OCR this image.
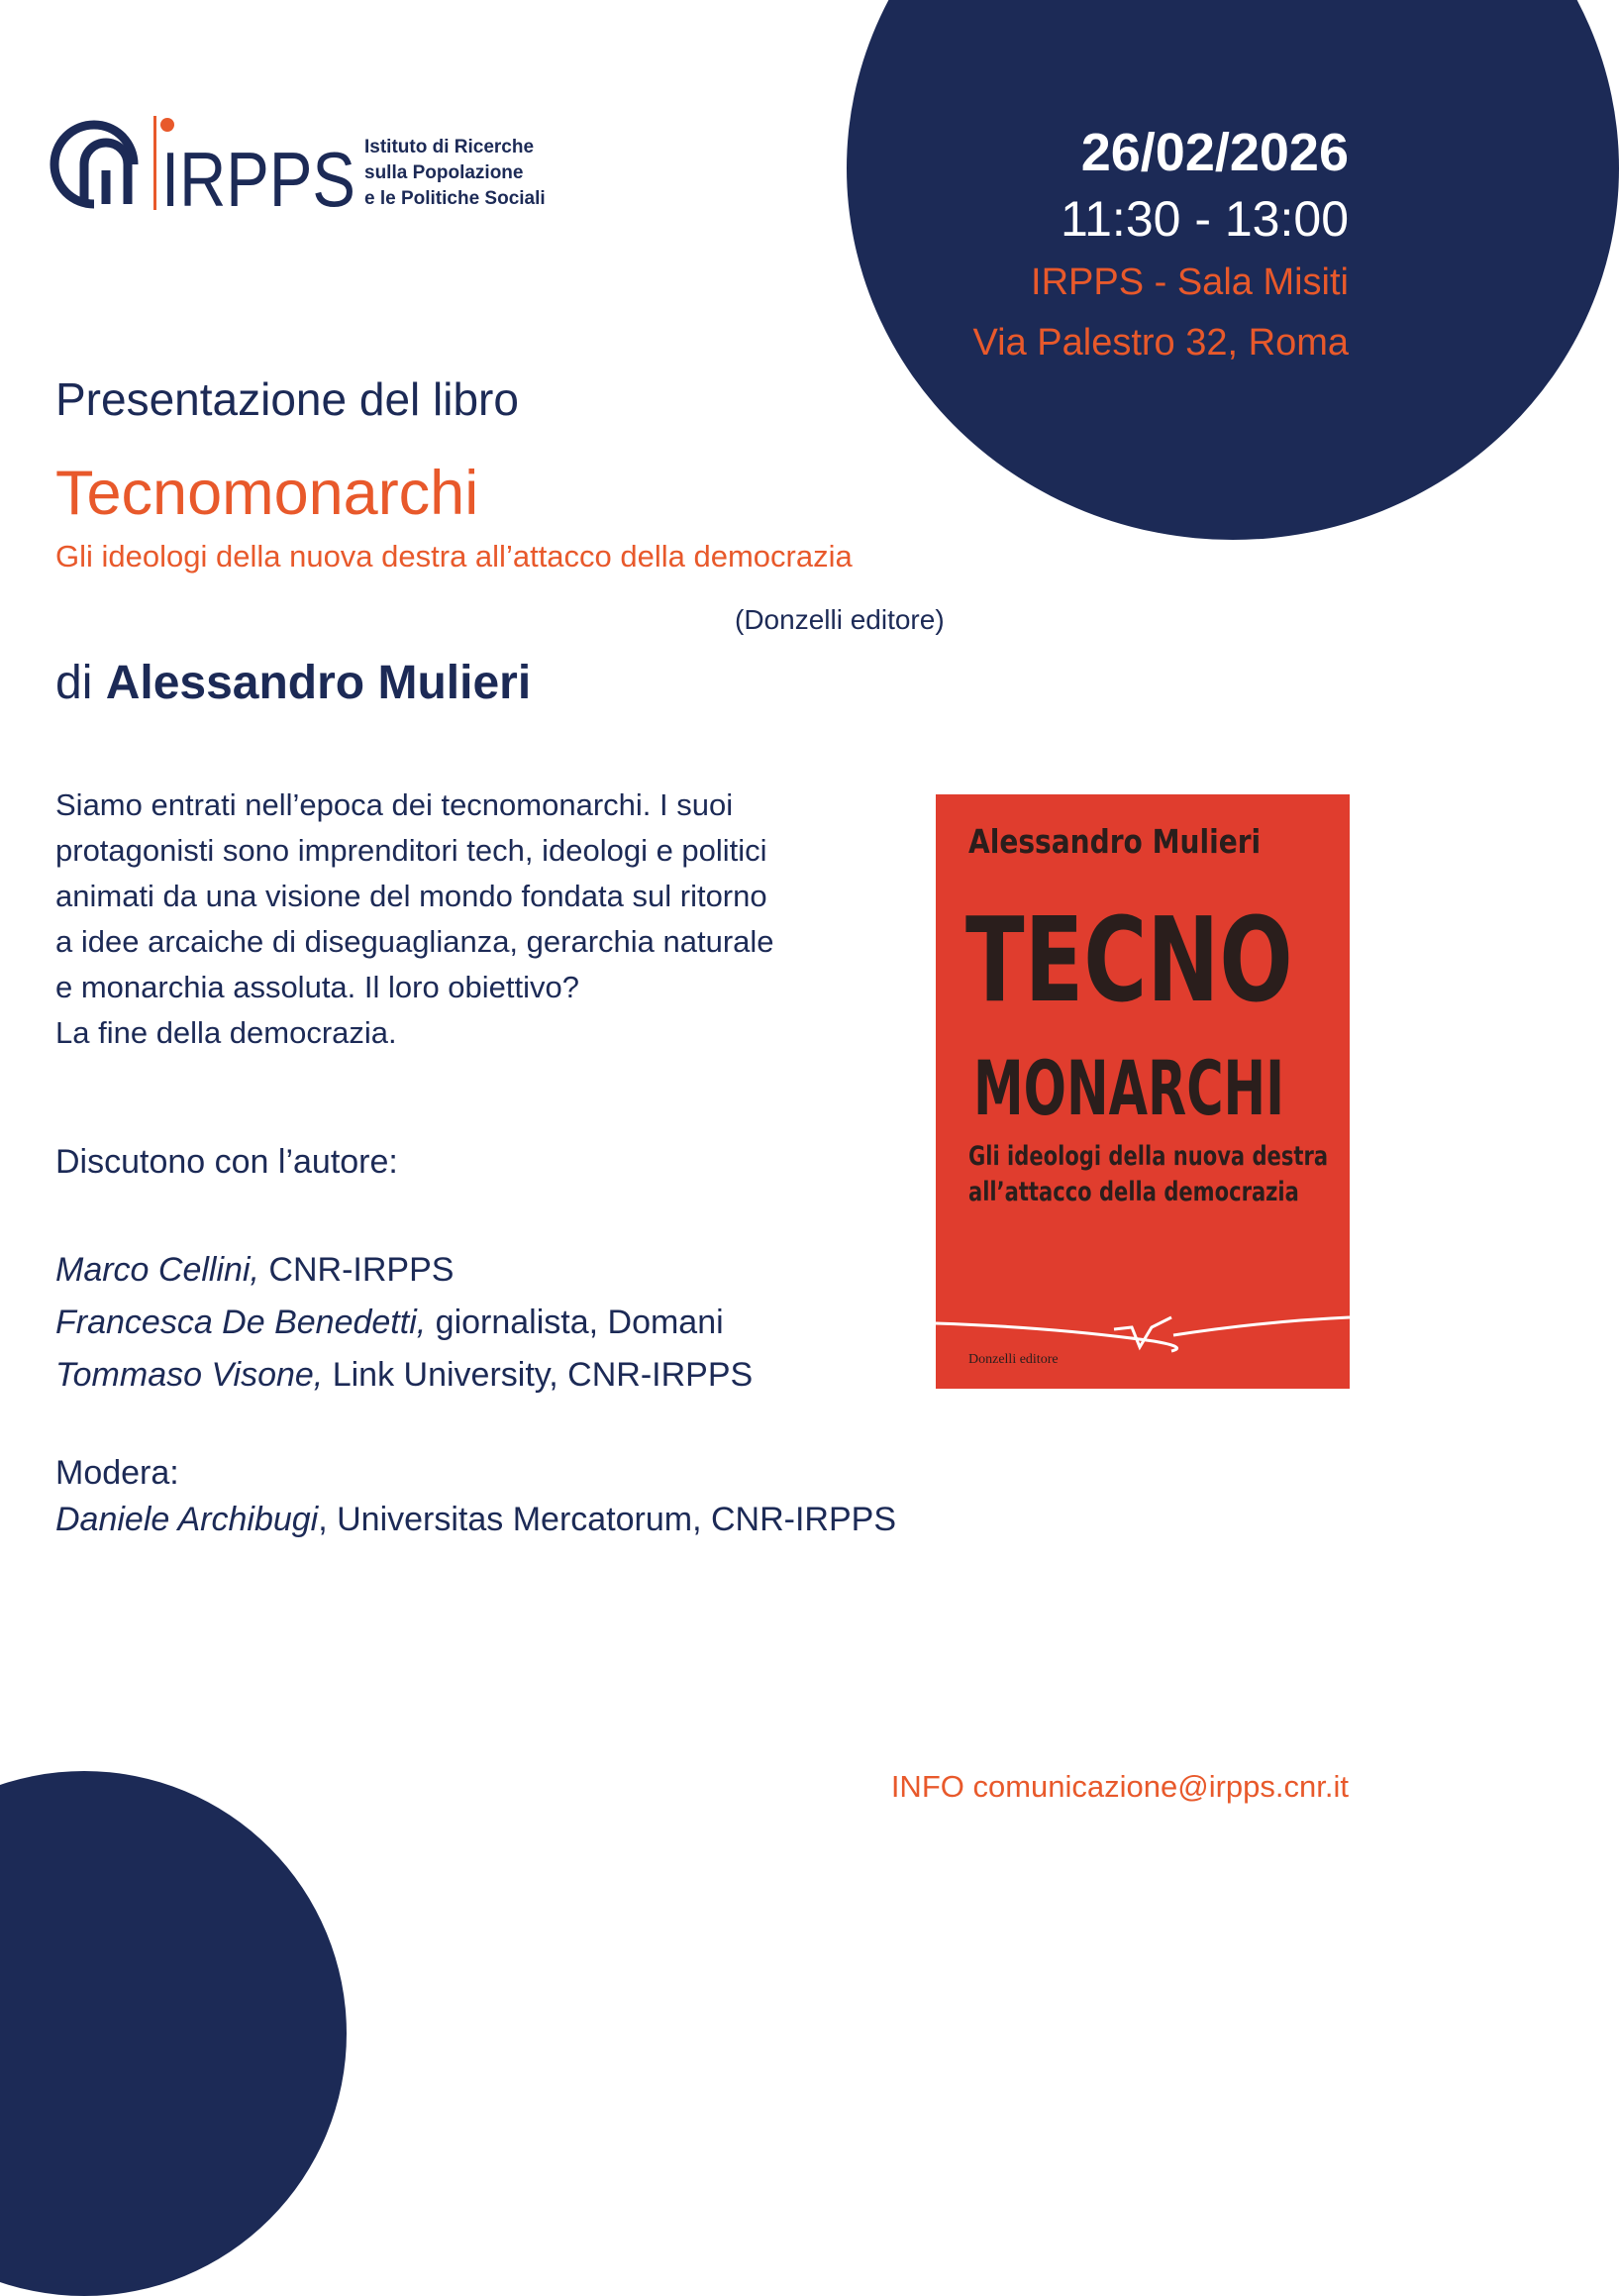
IRPPS Istituto di Ricerche
sulla Popolazione
e le Politiche Sociali
26/02/2026
11:30 - 13:00
IRPPS - Sala Misiti
Via Palestro 32, Roma
Presentazione del libro
Tecnomonarchi
Gli ideologi della nuova destra all’attacco della democrazia
(Donzelli editore)
di Alessandro Mulieri
Siamo entrati nell’epoca dei tecnomonarchi. I suoi
protagonisti sono imprenditori tech, ideologi e politici
animati da una visione del mondo fondata sul ritorno
a idee arcaiche di diseguaglianza, gerarchia naturale
e monarchia assoluta. Il loro obiettivo?
La fine della democrazia.
Discutono con l’autore:
Marco Cellini, CNR-IRPPS
Francesca De Benedetti, giornalista, Domani
Tommaso Visone, Link University, CNR-IRPPS
Modera:
Daniele Archibugi, Universitas Mercatorum, CNR-IRPPS
INFO comunicazione@irpps.cnr.it
Alessandro Mulieri
TECNO
MONARCHI
Gli ideologi della nuova destra
all’attacco della democrazia
Donzelli editore
